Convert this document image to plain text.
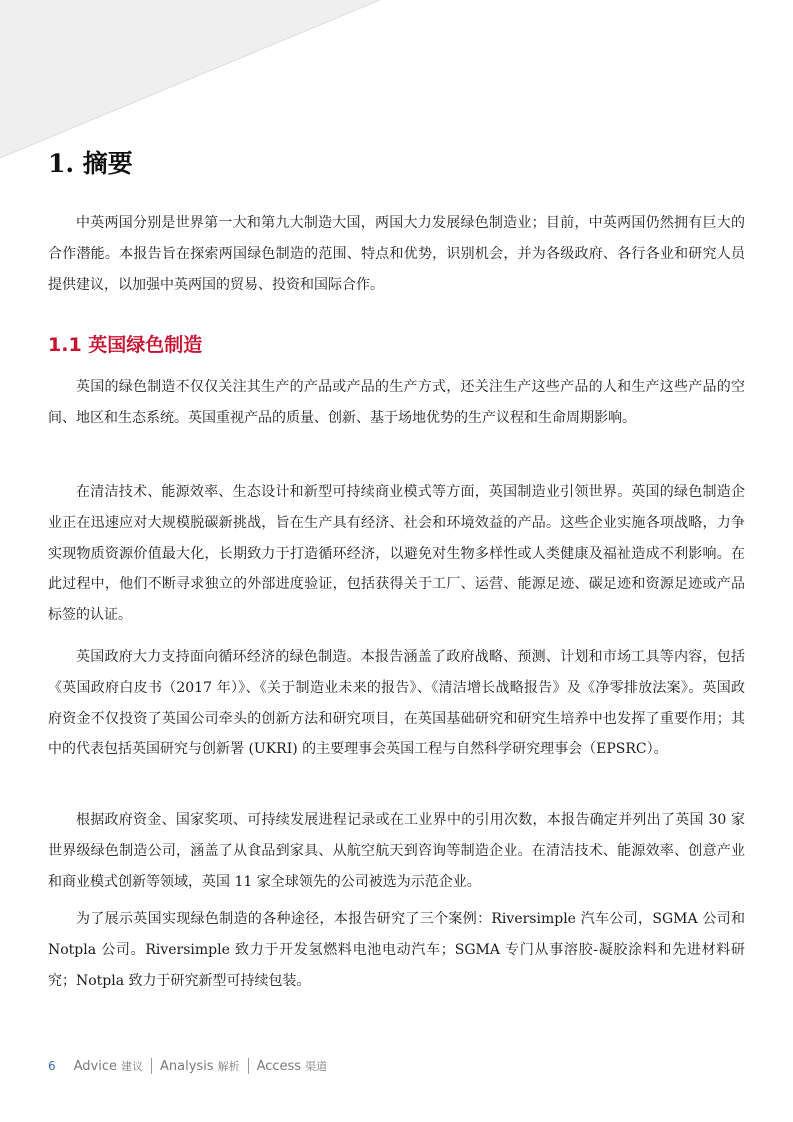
1. 摘要

中英两国分别是世界第一大和第九大制造大国，两国大力发展绿色制造业；目前，中英两国仍然拥有巨大的合作潜能。本报告旨在探索两国绿色制造的范围、特点和优势，识别机会，并为各级政府、各行各业和研究人员提供建议，以加强中英两国的贸易、投资和国际合作。

1.1 英国绿色制造

英国的绿色制造不仅仅关注其生产的产品或产品的生产方式，还关注生产这些产品的人和生产这些产品的空间、地区和生态系统。英国重视产品的质量、创新、基于场地优势的生产议程和生命周期影响。

在清洁技术、能源效率、生态设计和新型可持续商业模式等方面，英国制造业引领世界。英国的绿色制造企业正在迅速应对大规模脱碳新挑战，旨在生产具有经济、社会和环境效益的产品。这些企业实施各项战略，力争实现物质资源价值最大化，长期致力于打造循环经济，以避免对生物多样性或人类健康及福祉造成不利影响。在此过程中，他们不断寻求独立的外部进度验证，包括获得关于工厂、运营、能源足迹、碳足迹和资源足迹或产品标签的认证。

英国政府大力支持面向循环经济的绿色制造。本报告涵盖了政府战略、预测、计划和市场工具等内容，包括《英国政府白皮书（2017 年）》、《关于制造业未来的报告》、《清洁增长战略报告》及《净零排放法案》。英国政府资金不仅投资了英国公司牵头的创新方法和研究项目，在英国基础研究和研究生培养中也发挥了重要作用；其中的代表包括英国研究与创新署 (UKRI) 的主要理事会英国工程与自然科学研究理事会（EPSRC）。

根据政府资金、国家奖项、可持续发展进程记录或在工业界中的引用次数，本报告确定并列出了英国 30 家世界级绿色制造公司，涵盖了从食品到家具、从航空航天到咨询等制造企业。在清洁技术、能源效率、创意产业和商业模式创新等领域，英国 11 家全球领先的公司被选为示范企业。

为了展示英国实现绿色制造的各种途径，本报告研究了三个案例：Riversimple 汽车公司，SGMA 公司和 Notpla 公司。Riversimple 致力于开发氢燃料电池电动汽车；SGMA 专门从事溶胶-凝胶涂料和先进材料研究；Notpla 致力于研究新型可持续包装。

6 Advice 建议 Analysis 解析 Access 渠道
